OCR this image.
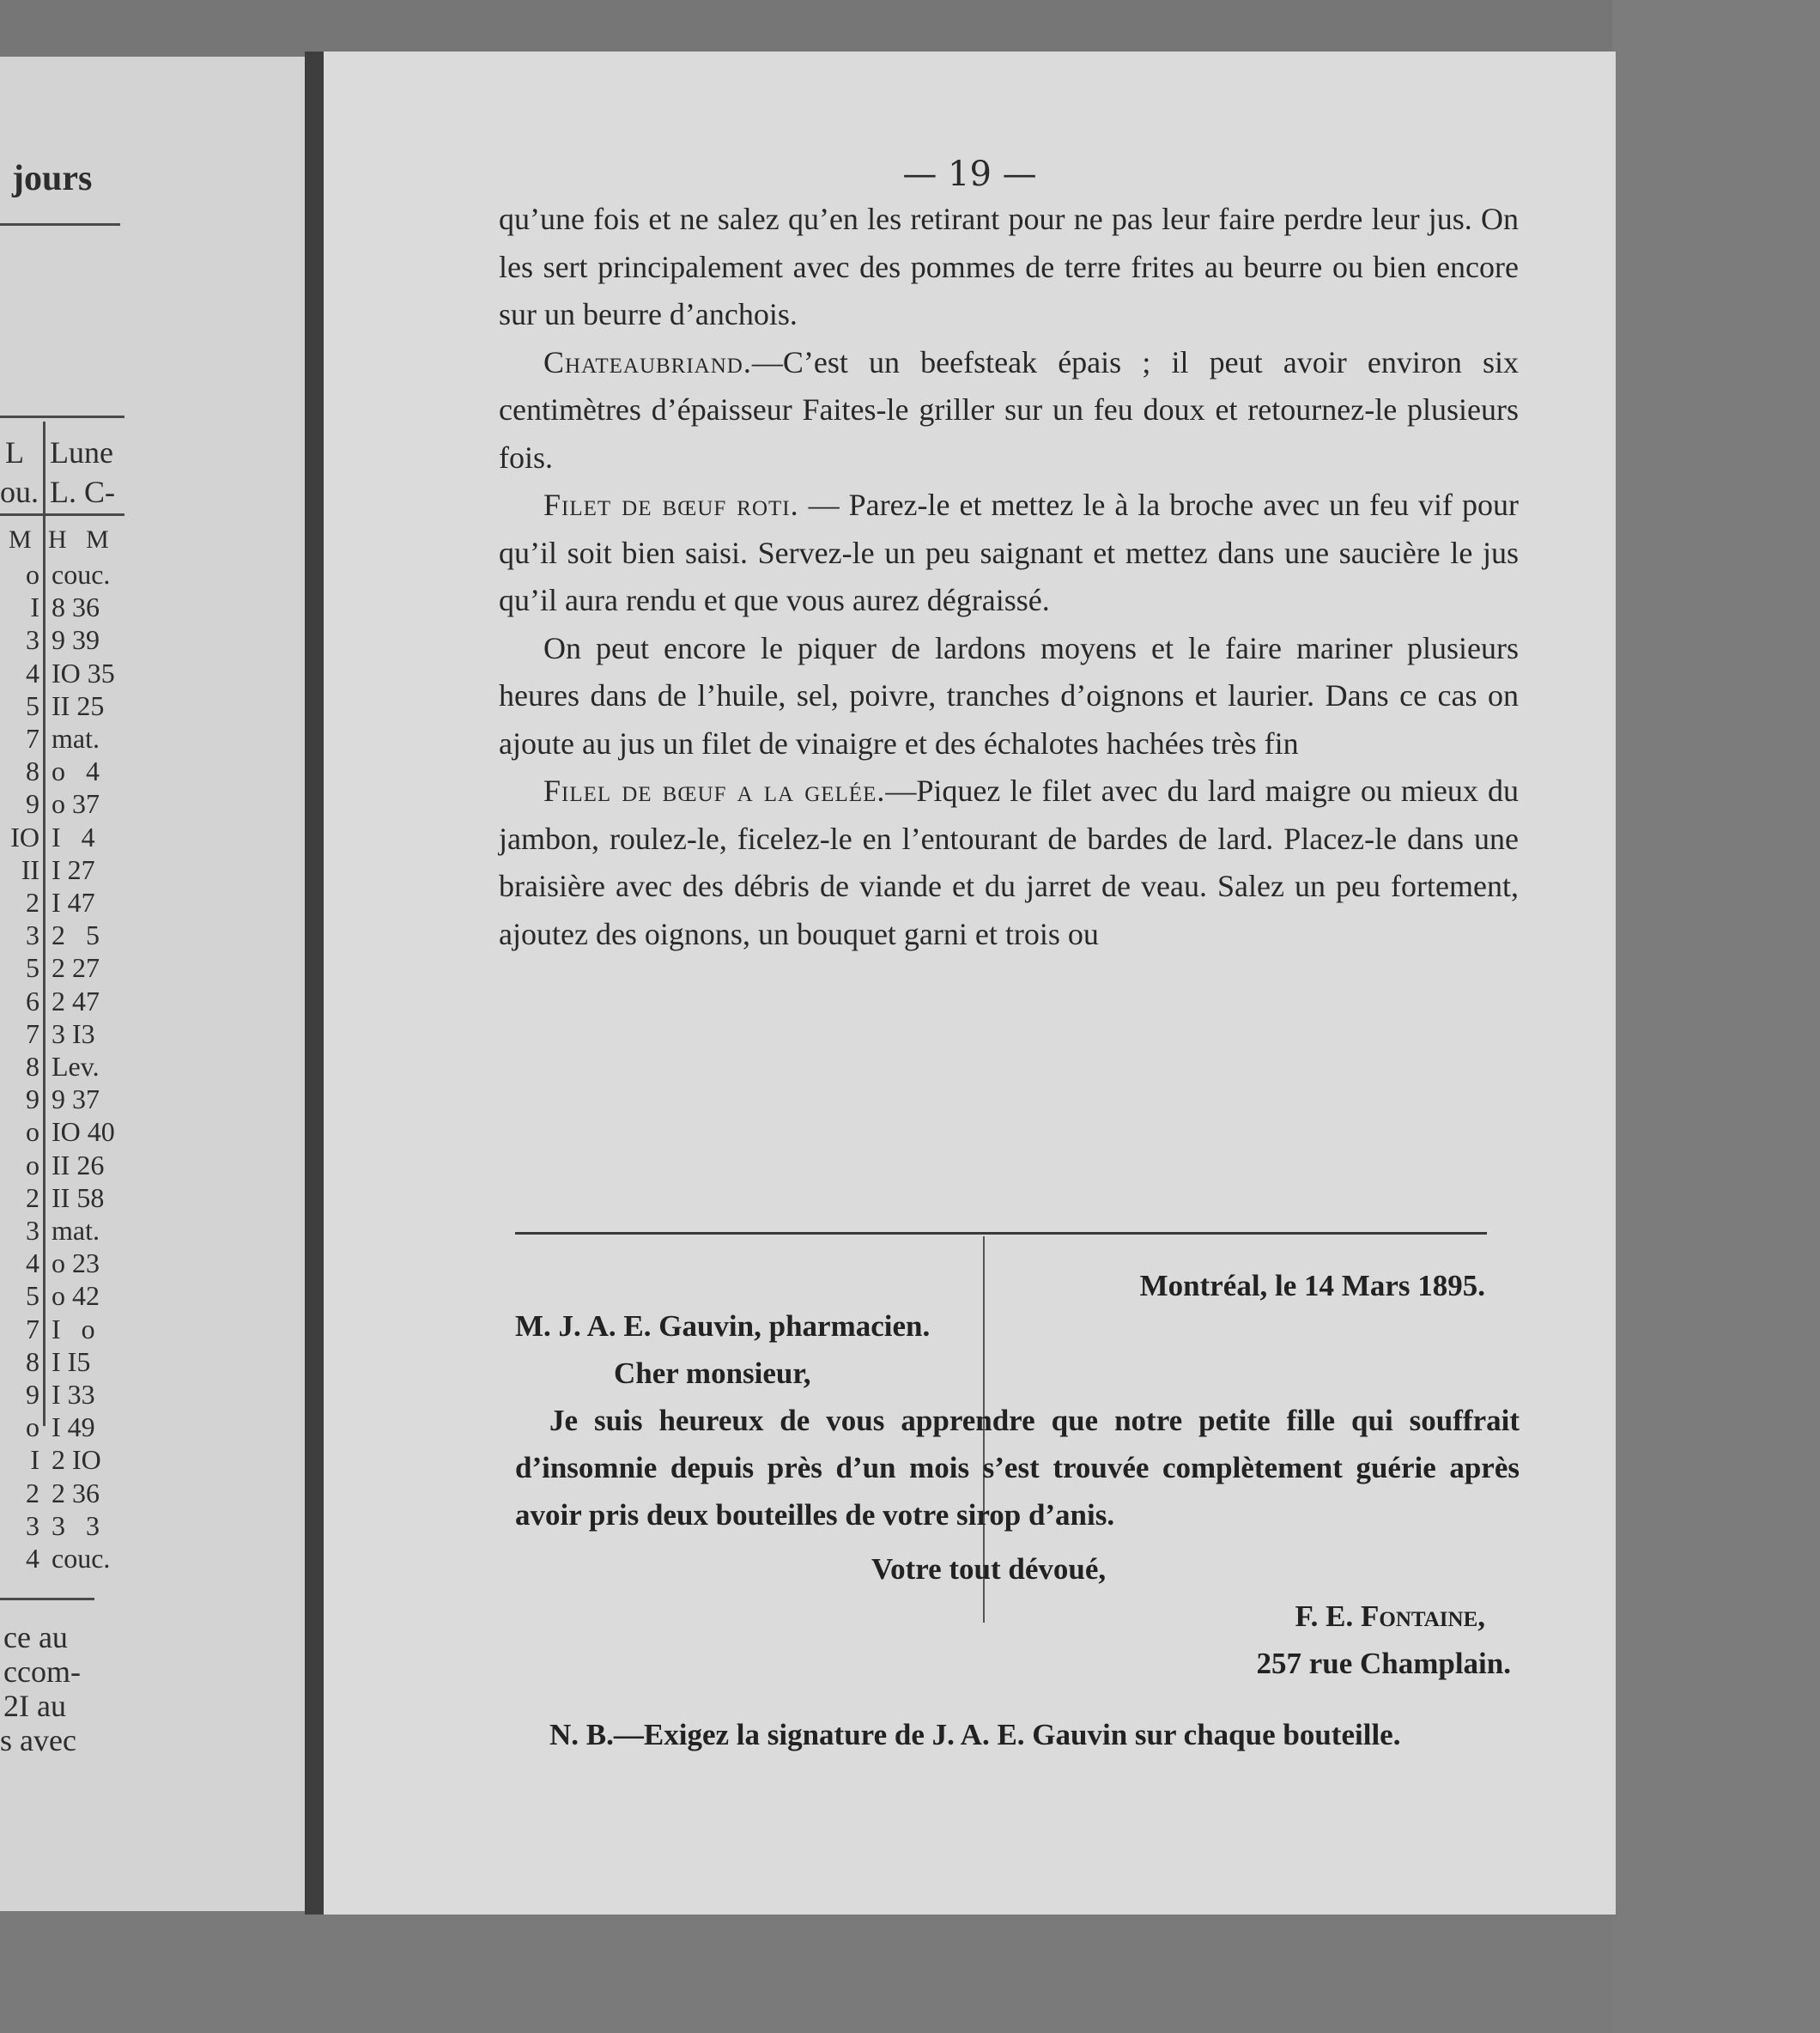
jours
L
ou.
Lune
L. C-
M H   M
o couc.
I 8 36
3 9 39
4 IO 35
5 II 25
7 mat.
8 o   4
9 o 37
IO I   4
II I 27
2 I 47
3 2   5
5 2 27
6 2 47
7 3 I3
8 Lev.
9 9 37
o IO 40
o II 26
2 II 58
3 mat.
4 o 23
5 o 42
7 I   o
8 I I5
9 I 33
o I 49
I 2 IO
2 2 36
3 3   3
4 couc.
ce au
ccom-
2I au
s avec
— 19 —

qu’une fois et ne salez qu’en les retirant pour ne pas leur faire perdre leur jus. On les sert principalement avec des pommes de terre frites au beurre ou bien encore sur un beurre d’anchois.

Chateaubriand.—C’est un beefsteak épais ; il peut avoir environ six centimètres d’épaisseur Faites-le griller sur un feu doux et retournez-le plusieurs fois.

Filet de bœuf roti. — Parez-le et mettez le à la broche avec un feu vif pour qu’il soit bien saisi. Servez-le un peu saignant et mettez dans une saucière le jus qu’il aura rendu et que vous aurez dégraissé.

On peut encore le piquer de lardons moyens et le faire mariner plusieurs heures dans de l’huile, sel, poivre, tranches d’oignons et laurier. Dans ce cas on ajoute au jus un filet de vinaigre et des échalotes hachées très fin

Filel de bœuf a la gelée.—Piquez le filet avec du lard maigre ou mieux du jambon, roulez-le, ficelez-le en l’entourant de bardes de lard. Placez-le dans une braisière avec des débris de viande et du jarret de veau. Salez un peu fortement, ajoutez des oignons, un bouquet garni et trois ou

Montréal, le 14 Mars 1895.
M. J. A. E. Gauvin, pharmacien.
Cher monsieur,

Je suis heureux de vous apprendre que notre petite fille qui souffrait d’insomnie depuis près d’un mois s’est trouvée complètement guérie après avoir pris deux bouteilles de votre sirop d’anis.

Votre tout dévoué,
F. E. Fontaine,
257 rue Champlain.

N. B.—Exigez la signature de J. A. E. Gauvin sur chaque bouteille.
